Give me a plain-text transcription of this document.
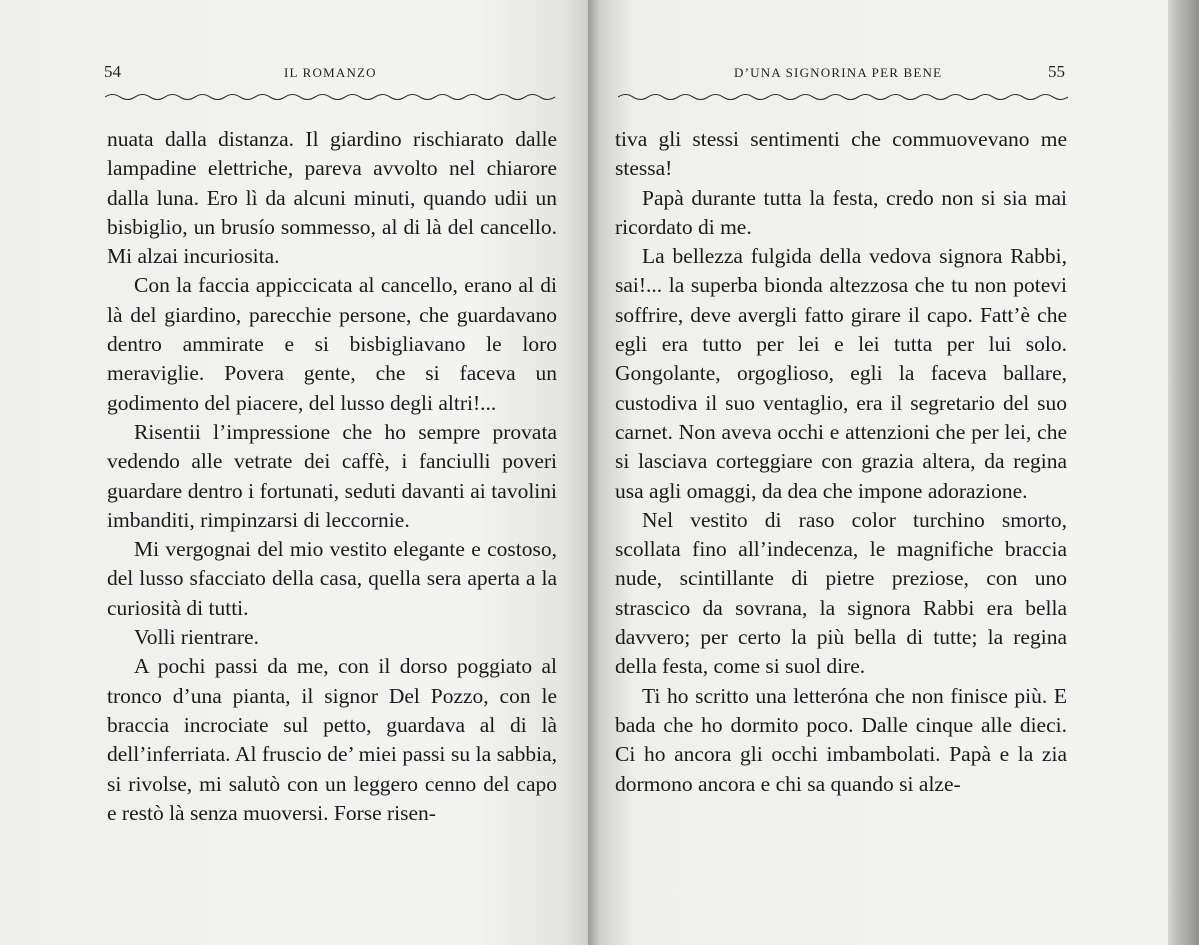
54	IL ROMANZO

nuata dalla distanza. Il giardino rischiarato dalle lampadine elettriche, pareva avvolto nel chiarore dalla luna. Ero lì da alcuni minuti, quando udii un bisbiglio, un brusío sommesso, al di là del cancello. Mi alzai incuriosita.

Con la faccia appiccicata al cancello, erano al di là del giardino, parecchie persone, che guardavano dentro ammirate e si bisbigliavano le loro meraviglie. Povera gente, che si faceva un godimento del piacere, del lusso degli altri!...

Risentii l’impressione che ho sempre provata vedendo alle vetrate dei caffè, i fanciulli poveri guardare dentro i fortunati, seduti davanti ai tavolini imbanditi, rimpinzarsi di leccornie.

Mi vergognai del mio vestito elegante e costoso, del lusso sfacciato della casa, quella sera aperta a la curiosità di tutti.

Volli rientrare.

A pochi passi da me, con il dorso poggiato al tronco d’una pianta, il signor Del Pozzo, con le braccia incrociate sul petto, guardava al di là dell’inferriata. Al fruscio de’ miei passi su la sabbia, si rivolse, mi salutò con un leggero cenno del capo e restò là senza muoversi. Forse risen-

D’UNA SIGNORINA PER BENE	55

tiva gli stessi sentimenti che commuovevano me stessa!

Papà durante tutta la festa, credo non si sia mai ricordato di me.

La bellezza fulgida della vedova signora Rabbi, sai!... la superba bionda altezzosa che tu non potevi soffrire, deve avergli fatto girare il capo. Fatt’è che egli era tutto per lei e lei tutta per lui solo. Gongolante, orgoglioso, egli la faceva ballare, custodiva il suo ventaglio, era il segretario del suo carnet. Non aveva occhi e attenzioni che per lei, che si lasciava corteggiare con grazia altera, da regina usa agli omaggi, da dea che impone adorazione.

Nel vestito di raso color turchino smorto, scollata fino all’indecenza, le magnifiche braccia nude, scintillante di pietre preziose, con uno strascico da sovrana, la signora Rabbi era bella davvero; per certo la più bella di tutte; la regina della festa, come si suol dire.

Ti ho scritto una letteróna che non finisce più. E bada che ho dormito poco. Dalle cinque alle dieci. Ci ho ancora gli occhi imbambolati. Papà e la zia dormono ancora e chi sa quando si alze-
